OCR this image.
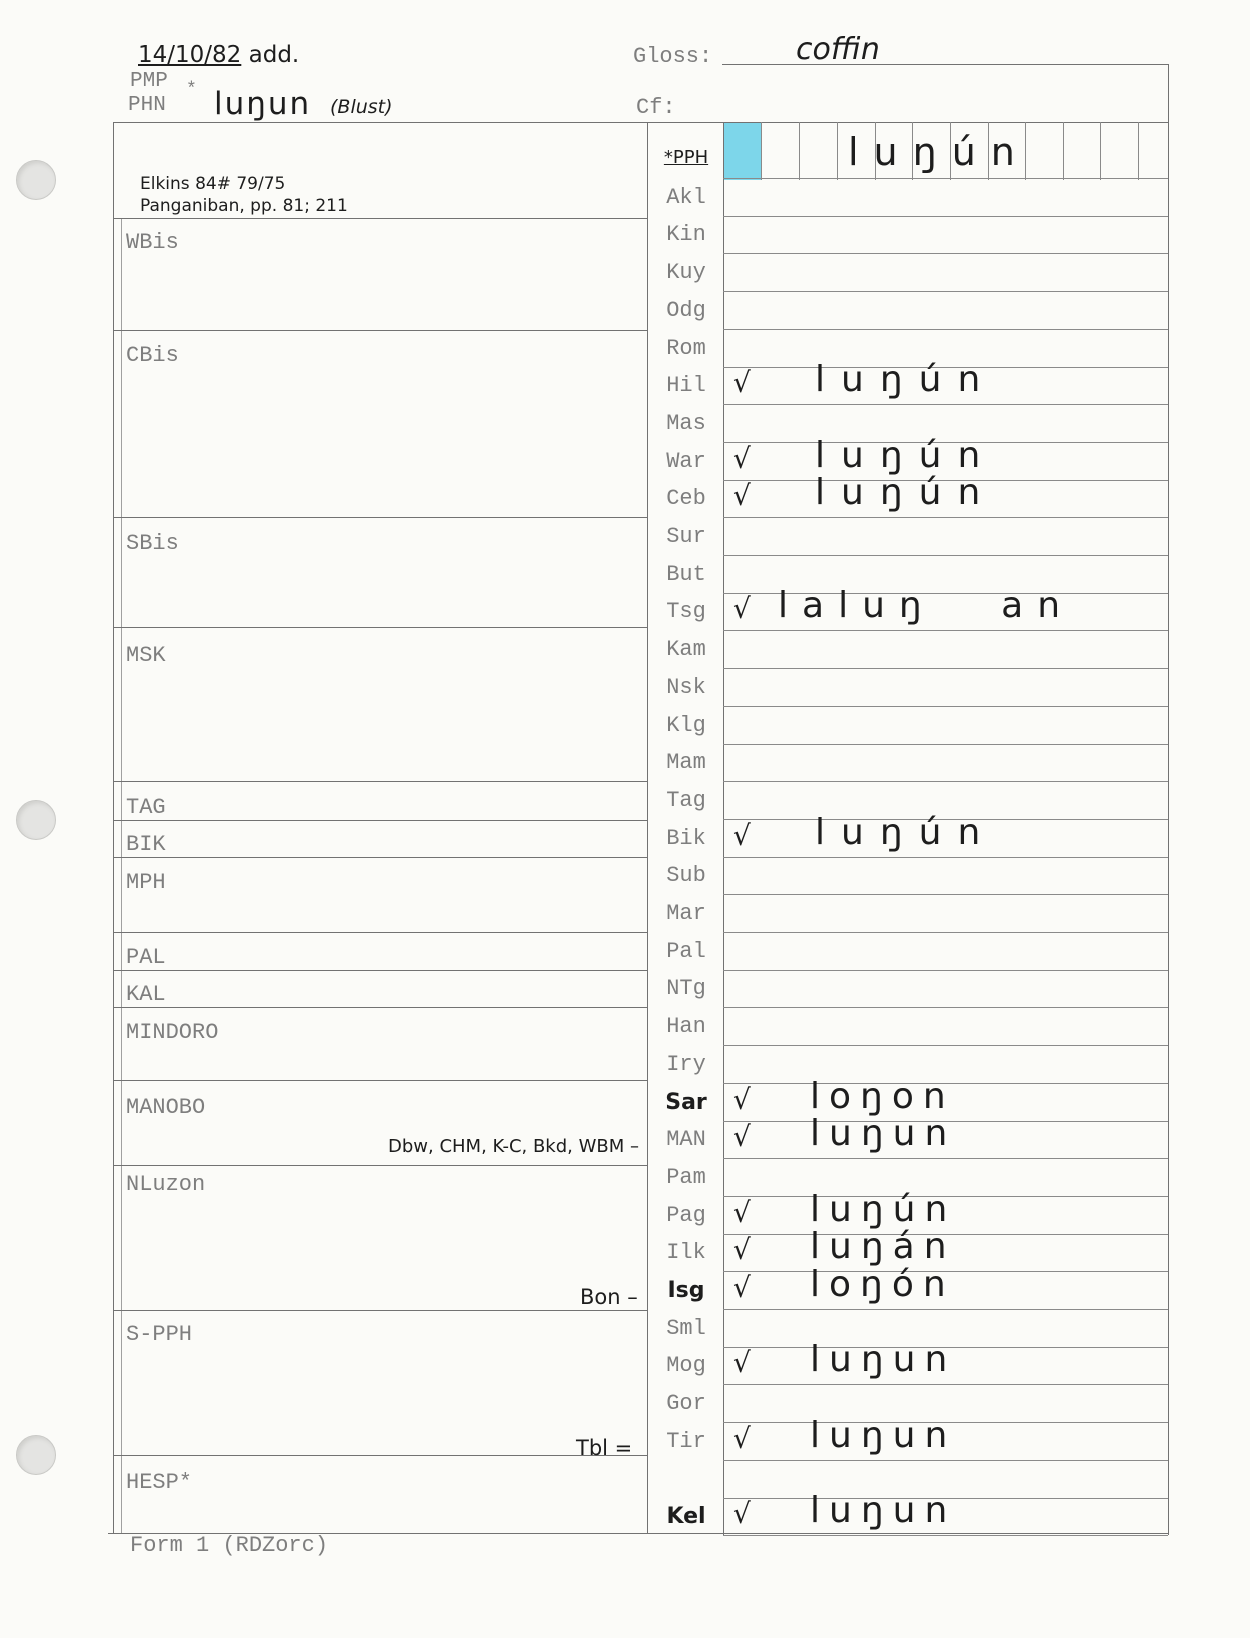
14/10/82 add.
PMP
PHN
* luŋun (Blust)
Gloss:	coffin
Cf:
Elkins 84# 79/75
Panganiban, pp. 81; 211
WBis
CBis
SBis
MSK
TAG
BIK
MPH
PAL
KAL
MINDORO
MANOBO
NLuzon
S-PPH
HESP*
Dbw, CHM, K-C, Bkd, WBM –
Bon –
Tbl =
*PPH	luŋún
Akl
Kin
Kuy
Odg
Rom
Hil √ luŋún
Mas
War √ luŋún
Ceb √ luŋún
Sur
But
Tsg √ laluŋ an
Kam
Nsk
Klg
Mam
Tag
Bik √ luŋún
Sub
Mar
Pal
NTg
Han
Iry
Sar √ loŋon
MAN √ luŋun
Pam
Pag √ luŋún
Ilk √ luŋán
Isg	√ loŋón
Sml
Mog √ luŋun
Gor
Tir √ luŋun
Kel √ luŋun
Form 1 (RDZorc)
